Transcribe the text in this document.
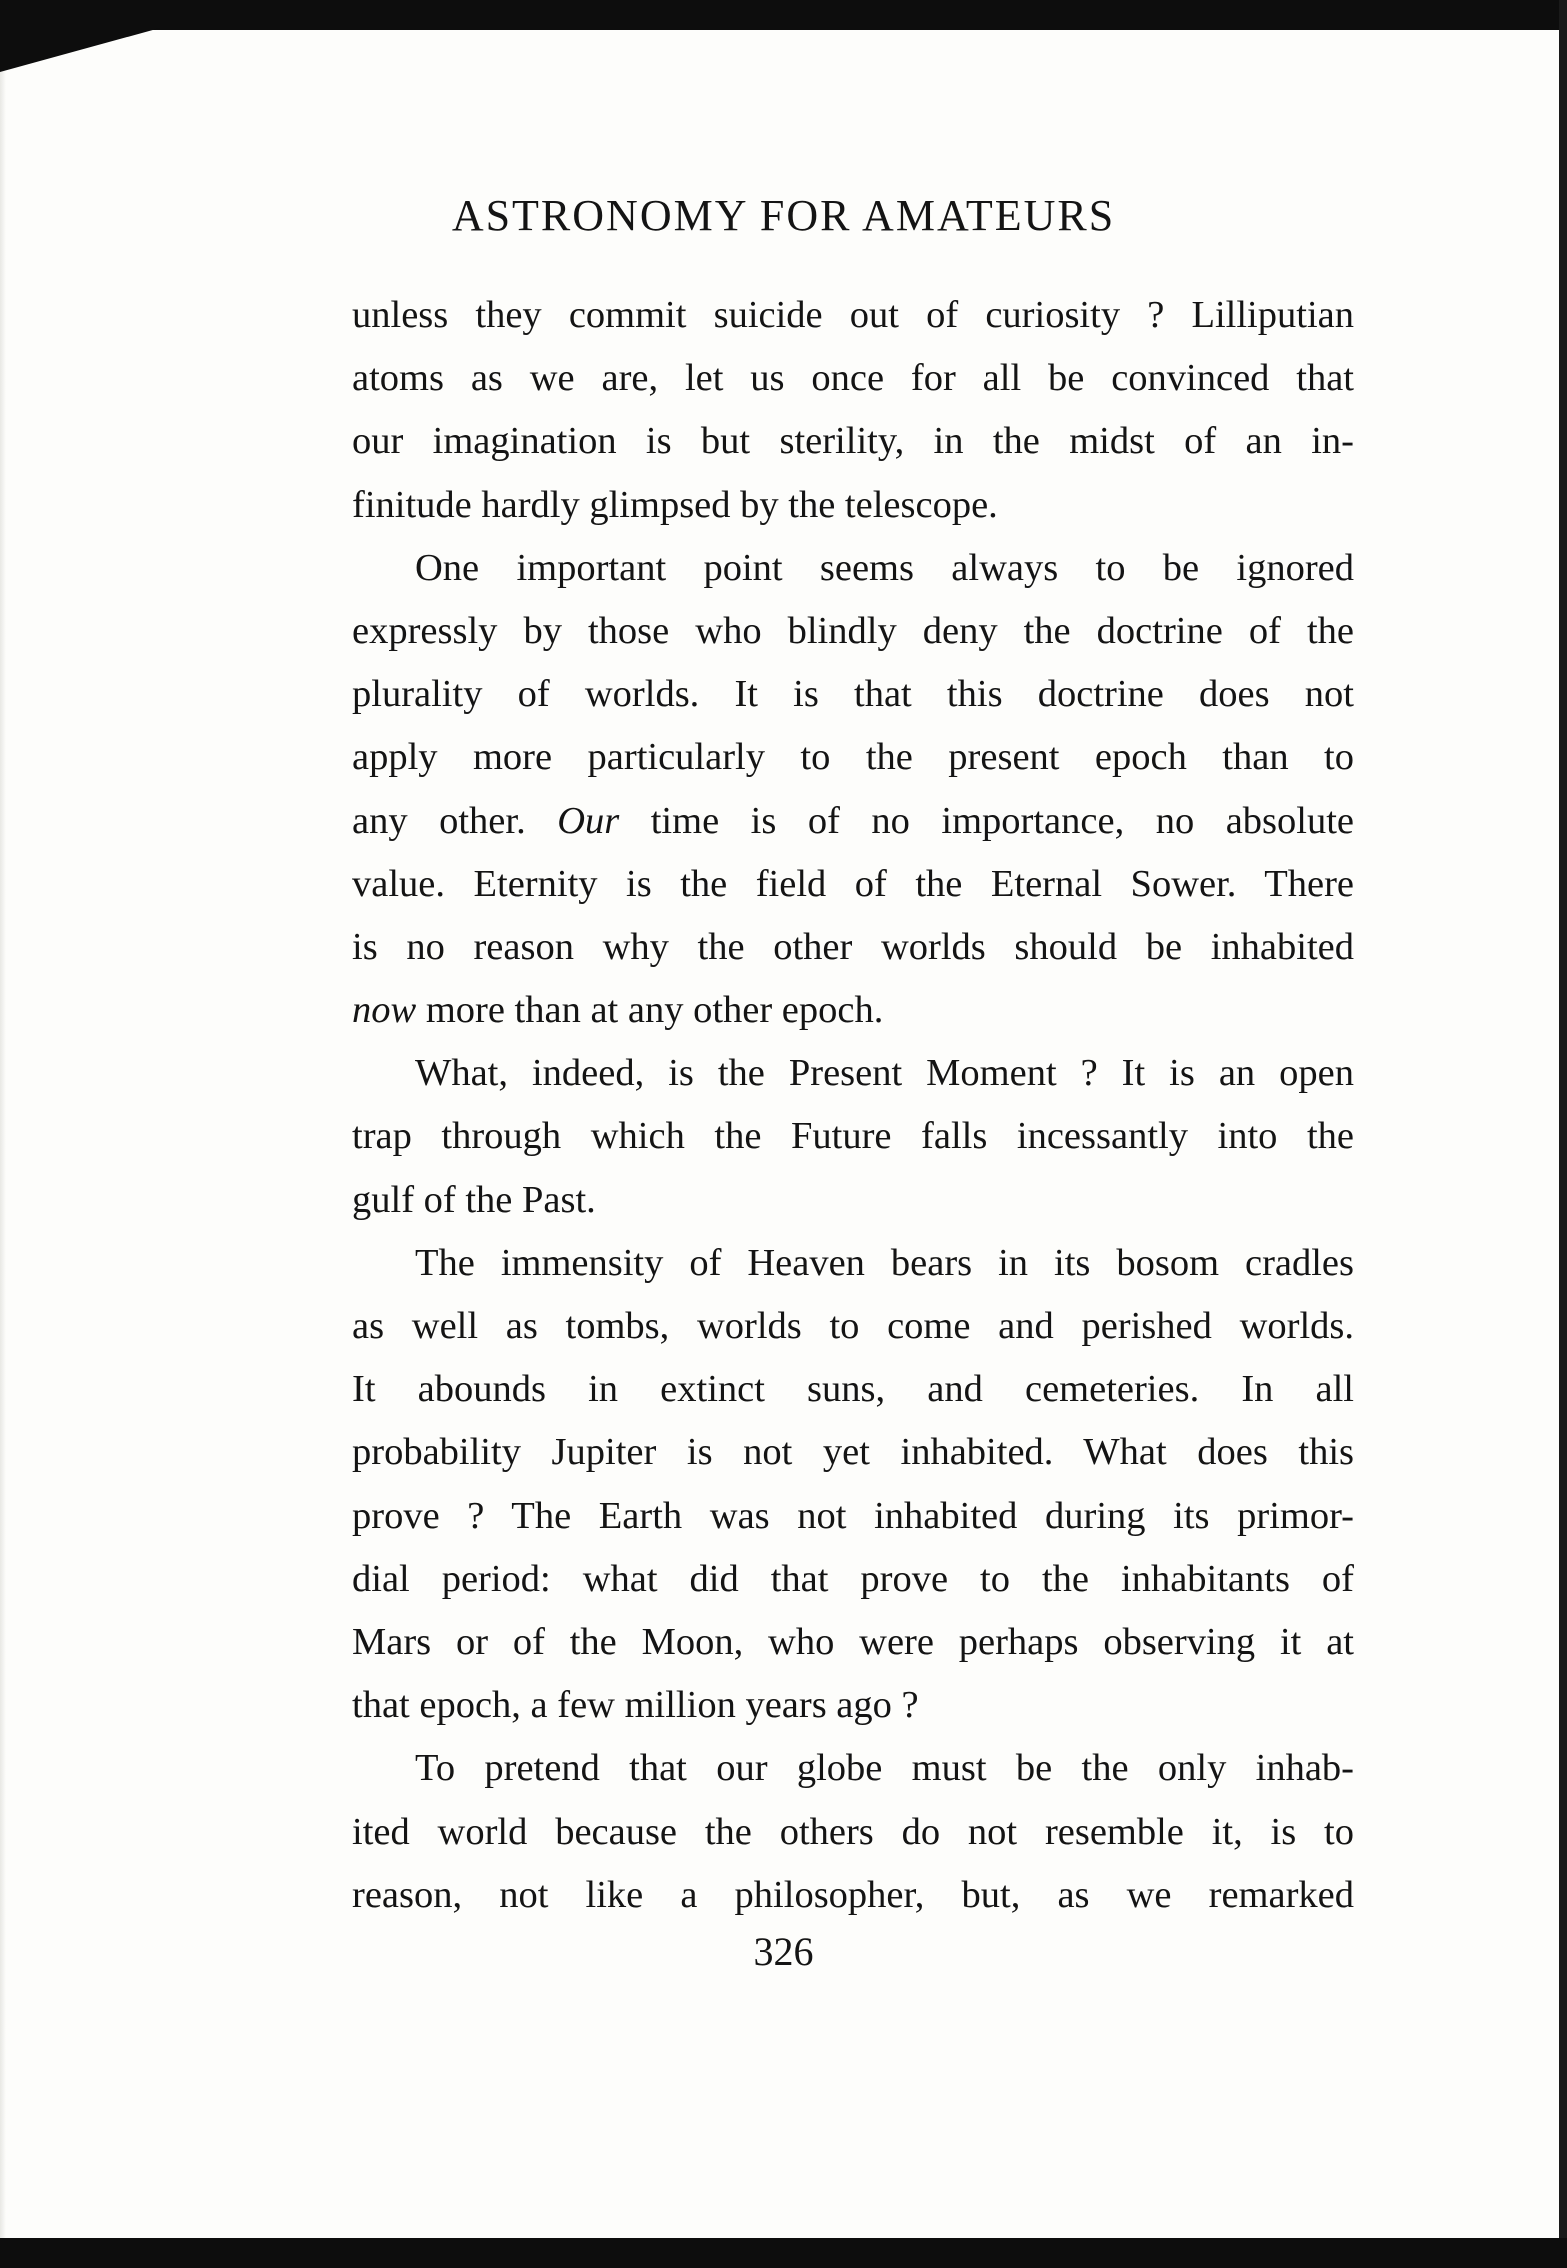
ASTRONOMY FOR AMATEURS
unless they commit suicide out of curiosity ? Lilliputian
atoms as we are, let us once for all be convinced that
our imagination is but sterility, in the midst of an in-
finitude hardly glimpsed by the telescope.
One important point seems always to be ignored
expressly by those who blindly deny the doctrine of the
plurality of worlds. It is that this doctrine does not
apply more particularly to the present epoch than to
any other. Our time is of no importance, no absolute
value. Eternity is the field of the Eternal Sower. There
is no reason why the other worlds should be inhabited
now more than at any other epoch.
What, indeed, is the Present Moment ? It is an open
trap through which the Future falls incessantly into the
gulf of the Past.
The immensity of Heaven bears in its bosom cradles
as well as tombs, worlds to come and perished worlds.
It abounds in extinct suns, and cemeteries. In all
probability Jupiter is not yet inhabited. What does this
prove ? The Earth was not inhabited during its primor-
dial period: what did that prove to the inhabitants of
Mars or of the Moon, who were perhaps observing it at
that epoch, a few million years ago ?
To pretend that our globe must be the only inhab-
ited world because the others do not resemble it, is to
reason, not like a philosopher, but, as we remarked
326
